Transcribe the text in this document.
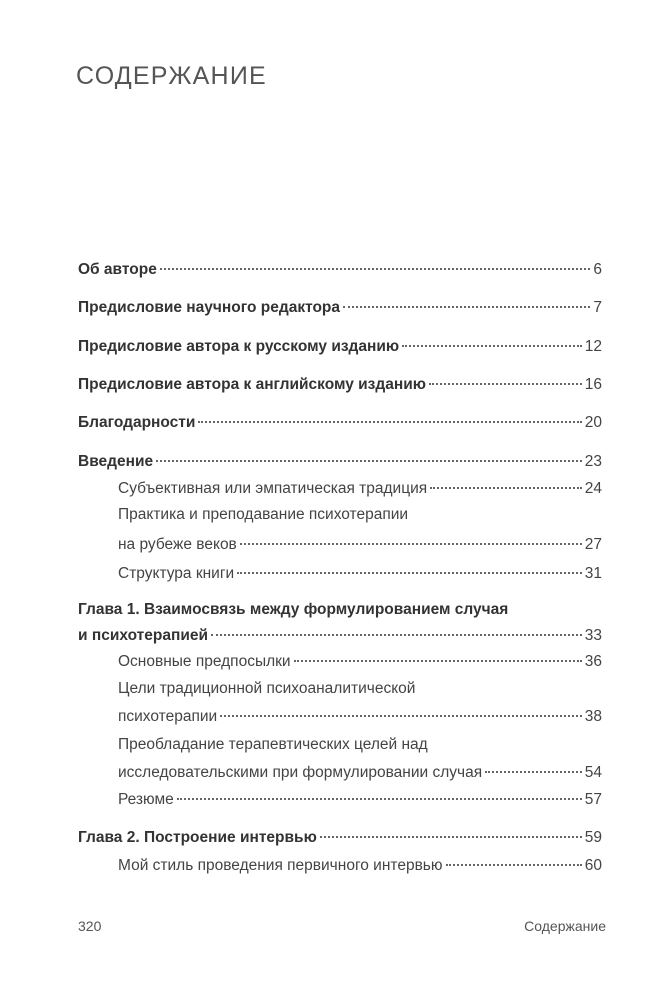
СОДЕРЖАНИЕ
Об авторе	6
Предисловие научного редактора	7
Предисловие автора к русскому изданию	12
Предисловие автора к английскому изданию	16
Благодарности	20
Введение	23
Субъективная или эмпатическая традиция	24
Практика и преподавание психотерапии
на рубеже веков	27
Структура книги	31
Глава 1. Взаимосвязь между формулированием случая
и психотерапией	33
Основные предпосылки	36
Цели традиционной психоаналитической
психотерапии	38
Преобладание терапевтических целей над
исследовательскими при формулировании случая	54
Резюме	57
Глава 2. Построение интервью	59
Мой стиль проведения первичного интервью	60
320	Содержание
